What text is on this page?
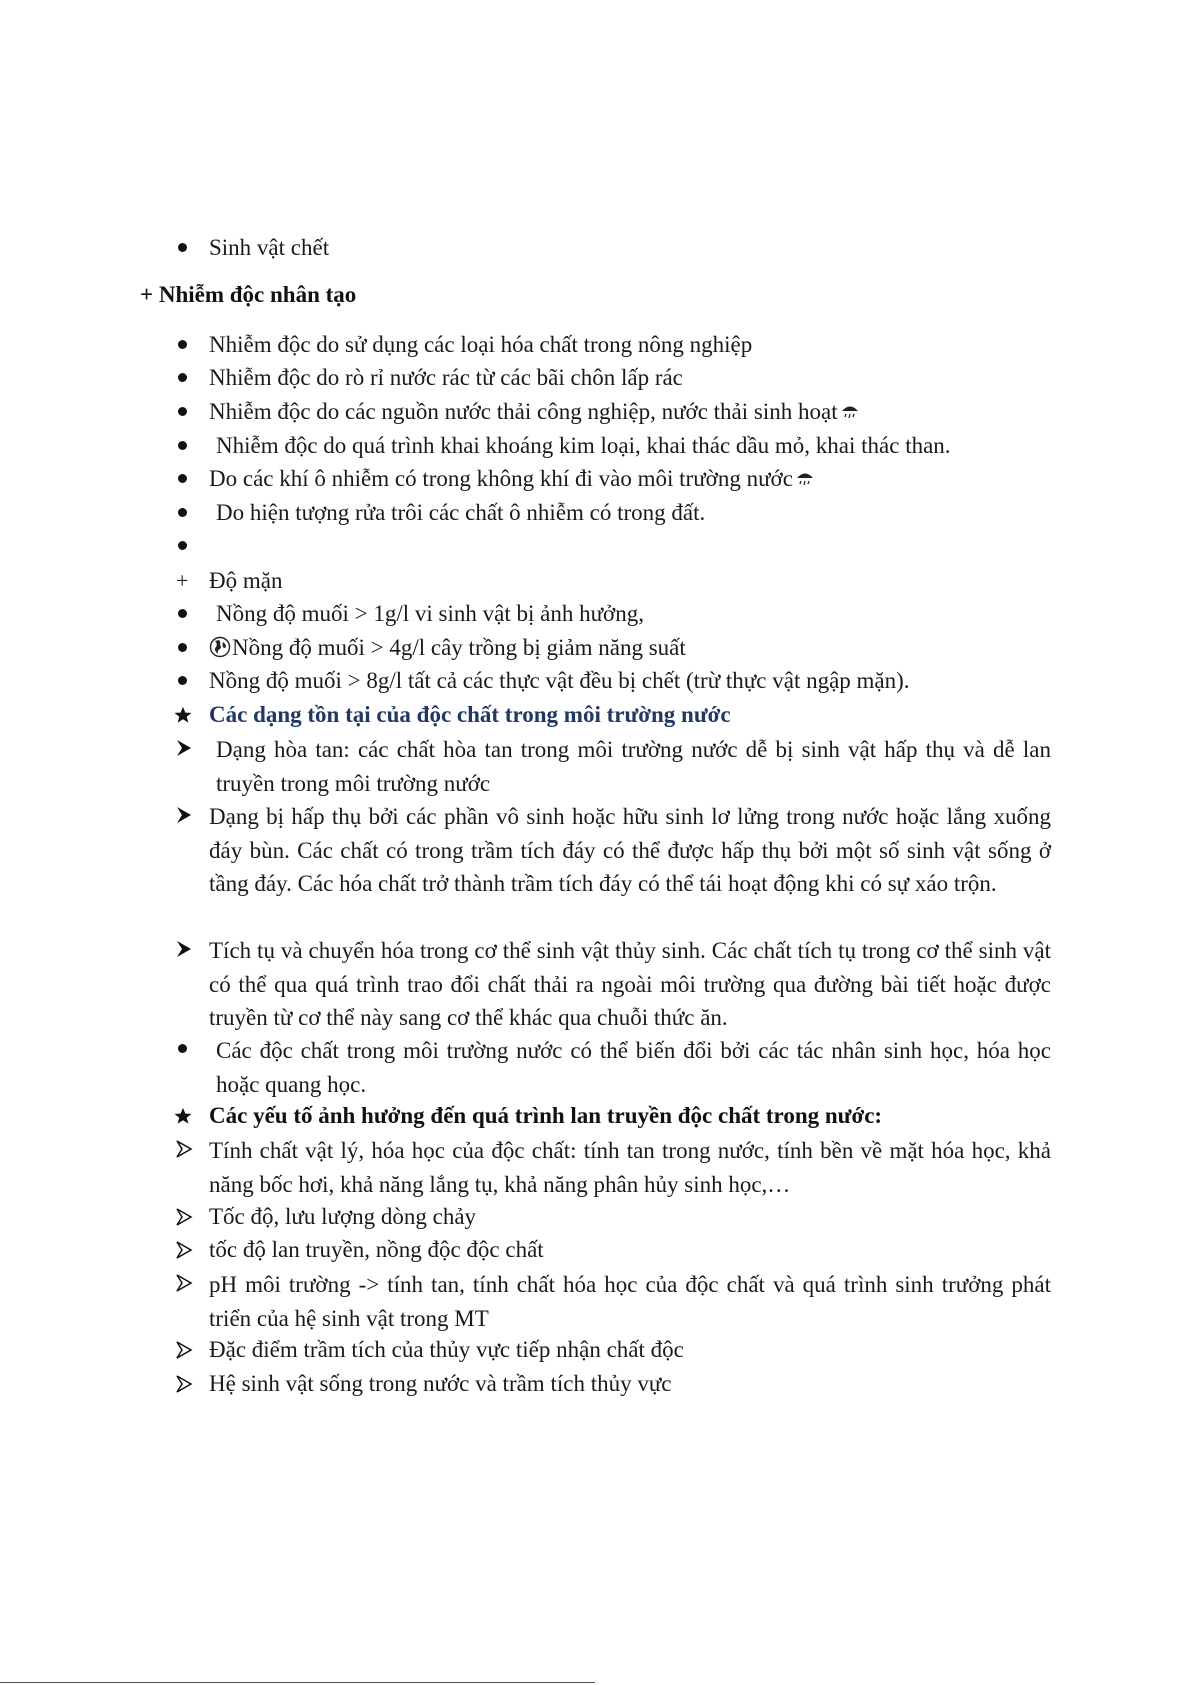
Sinh vật chết
+ Nhiễm độc nhân tạo
Nhiễm độc do sử dụng các loại hóa chất trong nông nghiệp
Nhiễm độc do rò rỉ nước rác từ các bãi chôn lấp rác
Nhiễm độc do các nguồn nước thải công nghiệp, nước thải sinh hoạt
Nhiễm độc do quá trình khai khoáng kim loại, khai thác dầu mỏ, khai thác than.
Do các khí ô nhiễm có trong không khí đi vào môi trường nước
Do hiện tượng rửa trôi các chất ô nhiễm có trong đất.
+ Độ mặn
Nồng độ muối > 1g/l vi sinh vật bị ảnh hưởng,
Nồng độ muối > 4g/l cây trồng bị giảm năng suất
Nồng độ muối > 8g/l tất cả các thực vật đều bị chết (trừ thực vật ngập mặn).
Các dạng tồn tại của độc chất trong môi trường nước
Dạng hòa tan: các chất hòa tan trong môi trường nước dễ bị sinh vật hấp thụ và dễ lan truyền trong môi trường nước
Dạng bị hấp thụ bởi các phần vô sinh hoặc hữu sinh lơ lửng trong nước hoặc lắng xuống đáy bùn. Các chất có trong trầm tích đáy có thể được hấp thụ bởi một số sinh vật sống ở tầng đáy. Các hóa chất trở thành trầm tích đáy có thể tái hoạt động khi có sự xáo trộn.
Tích tụ và chuyển hóa trong cơ thể sinh vật thủy sinh. Các chất tích tụ trong cơ thể sinh vật có thể qua quá trình trao đổi chất thải ra ngoài môi trường qua đường bài tiết hoặc được truyền từ cơ thể này sang cơ thể khác qua chuỗi thức ăn.
Các độc chất trong môi trường nước có thể biến đổi bởi các tác nhân sinh học, hóa học hoặc quang học.
Các yếu tố ảnh hưởng đến quá trình lan truyền độc chất trong nước:
Tính chất vật lý, hóa học của độc chất: tính tan trong nước, tính bền về mặt hóa học, khả năng bốc hơi, khả năng lắng tụ, khả năng phân hủy sinh học,…
Tốc độ, lưu lượng dòng chảy
tốc độ lan truyền, nồng độc độc chất
pH môi trường -> tính tan, tính chất hóa học của độc chất và quá trình sinh trưởng phát triển của hệ sinh vật trong MT
Đặc điểm trầm tích của thủy vực tiếp nhận chất độc
Hệ sinh vật sống trong nước và trầm tích thủy vực
